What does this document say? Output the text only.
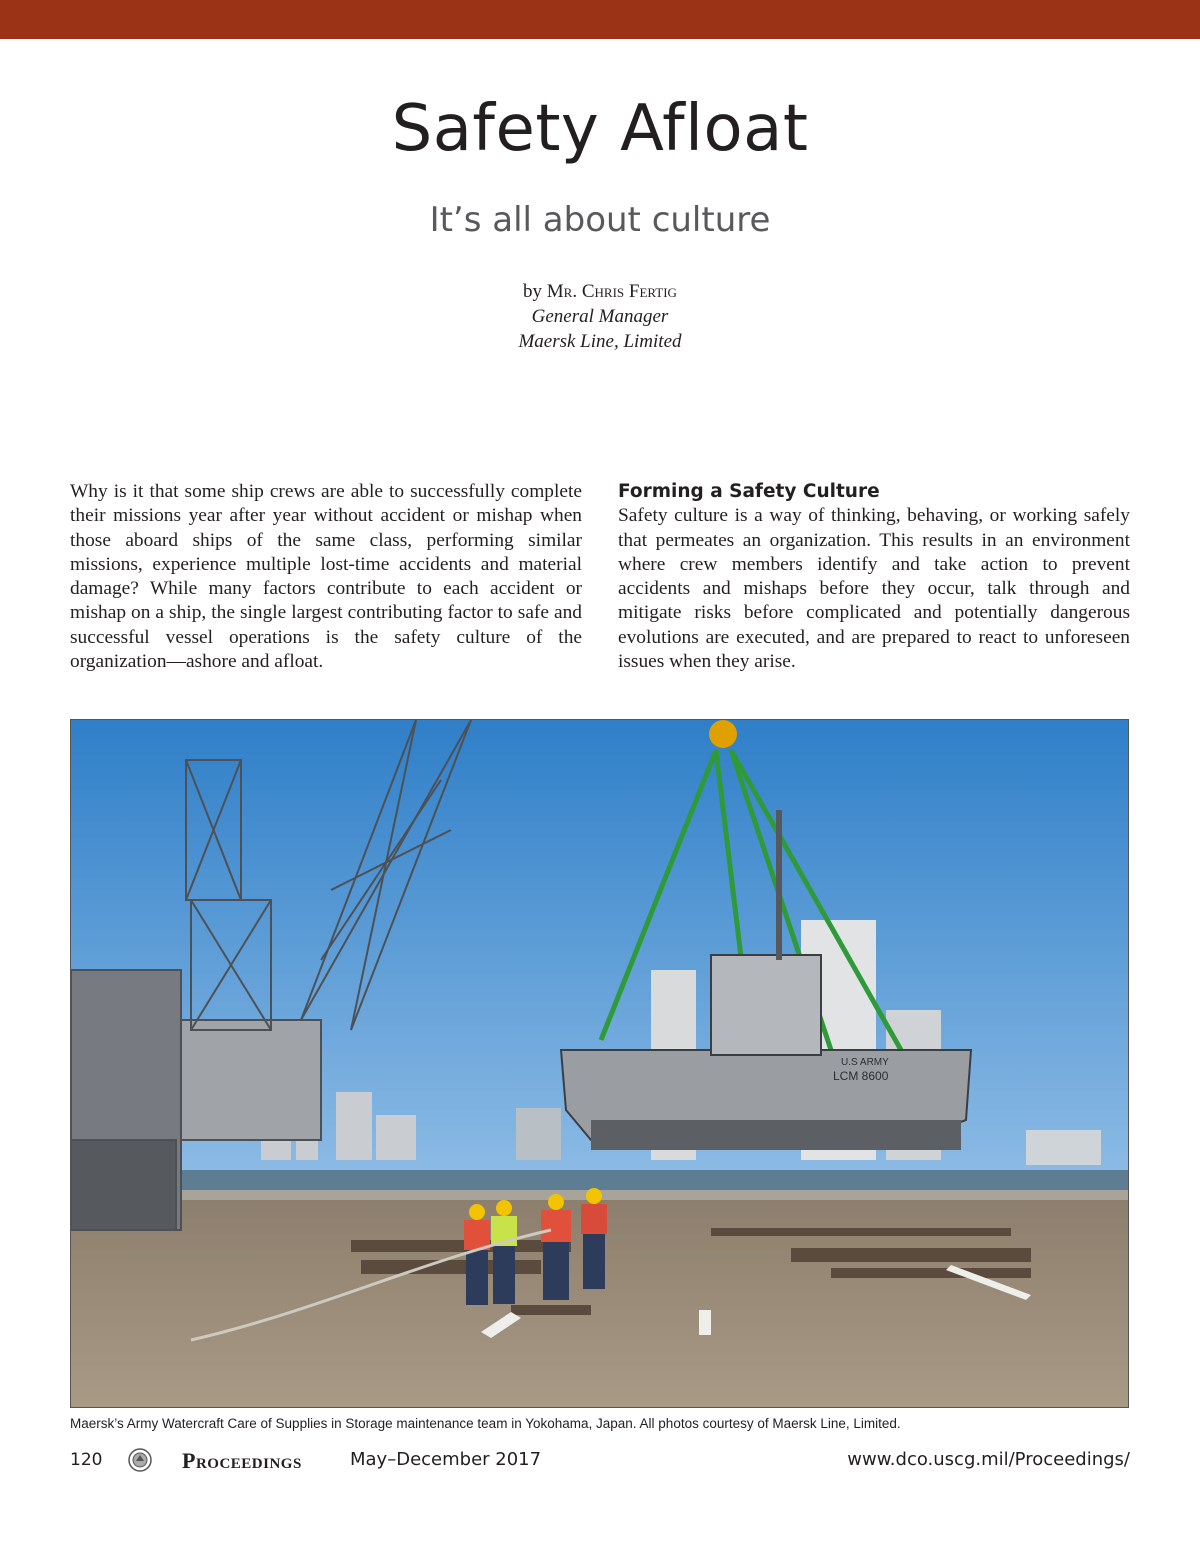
Safety Afloat
It’s all about culture
by Mr. Chris Fertig
General Manager
Maersk Line, Limited
Why is it that some ship crews are able to successfully complete their missions year after year without accident or mishap when those aboard ships of the same class, performing similar missions, experience multiple lost-time accidents and material damage? While many factors contribute to each accident or mishap on a ship, the single largest contributing factor to safe and successful vessel operations is the safety culture of the organization—ashore and afloat.
Forming a Safety Culture
Safety culture is a way of thinking, behaving, or working safely that permeates an organization. This results in an environment where crew members identify and take action to prevent accidents and mishaps before they occur, talk through and mitigate risks before complicated and potentially dangerous evolutions are executed, and are prepared to react to unforeseen issues when they arise.
U.S ARMY
LCM 8600
Maersk’s Army Watercraft Care of Supplies in Storage maintenance team in Yokohama, Japan. All photos courtesy of Maersk Line, Limited.
120	Proceedings	May–December 2017	www.dco.uscg.mil/Proceedings/
